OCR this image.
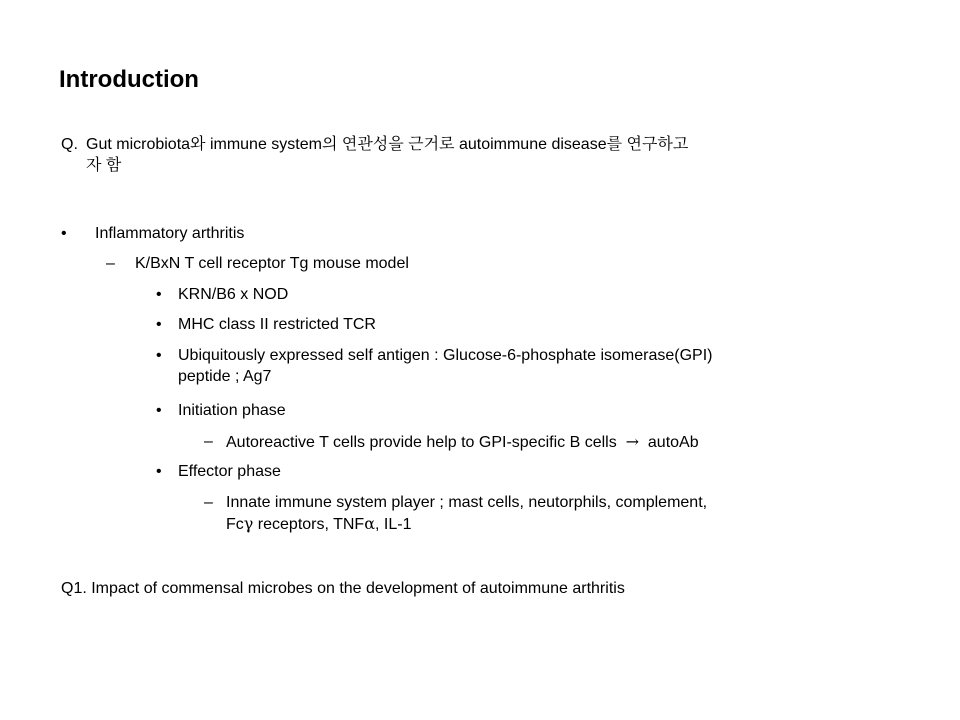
Introduction
Q. Gut microbiota와 immune system의 연관성을 근거로 autoimmune disease를 연구하고
자 함
• Inflammatory arthritis
– K/BxN T cell receptor Tg mouse model
• KRN/B6 x NOD
• MHC class II restricted TCR
• Ubiquitously expressed self antigen : Glucose-6-phosphate isomerase(GPI)
peptide ; Ag7
• Initiation phase
– Autoreactive T cells provide help to GPI-specific B cells → autoAb
• Effector phase
– Innate immune system player ; mast cells, neutorphils, complement,
Fcγ receptors, TNFα, IL-1
Q1. Impact of commensal microbes on the development of autoimmune arthritis
